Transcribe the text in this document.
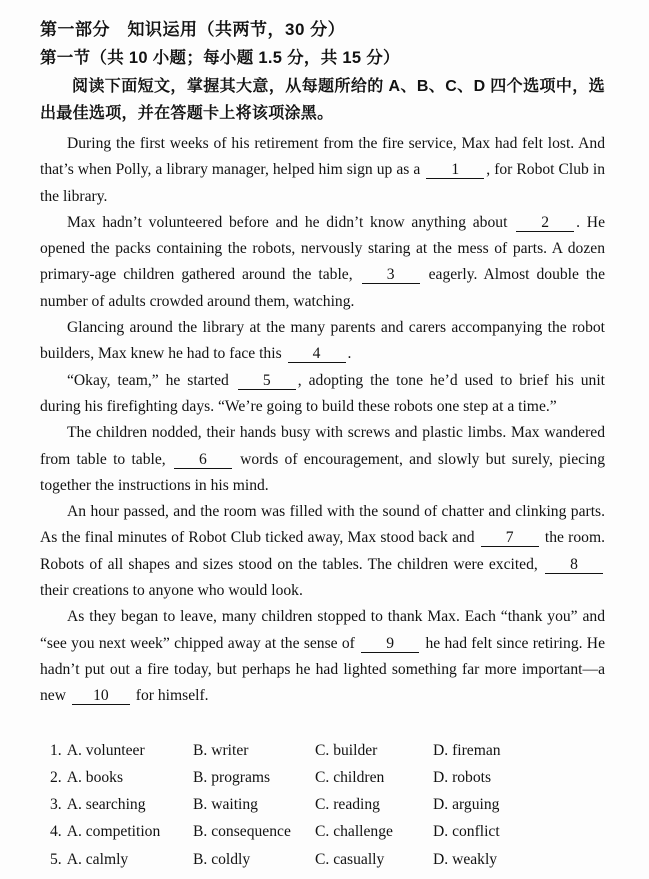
第一部分　知识运用（共两节，30 分）
第一节（共 10 小题；每小题 1.5 分，共 15 分）

阅读下面短文，掌握其大意，从每题所给的 A、B、C、D 四个选项中，选出最佳选项，并在答题卡上将该项涂黑。

During the first weeks of his retirement from the fire service, Max had felt lost. And that’s when Polly, a library manager, helped him sign up as a 1 , for Robot Club in the library.

Max hadn’t volunteered before and he didn’t know anything about 2 . He opened the packs containing the robots, nervously staring at the mess of parts. A dozen primary-age children gathered around the table, 3 eagerly. Almost double the number of adults crowded around them, watching.

Glancing around the library at the many parents and carers accompanying the robot builders, Max knew he had to face this 4 .

“Okay, team,” he started 5 , adopting the tone he’d used to brief his unit during his firefighting days. “We’re going to build these robots one step at a time.”

The children nodded, their hands busy with screws and plastic limbs. Max wandered from table to table, 6 words of encouragement, and slowly but surely, piecing together the instructions in his mind.

An hour passed, and the room was filled with the sound of chatter and clinking parts. As the final minutes of Robot Club ticked away, Max stood back and 7 the room. Robots of all shapes and sizes stood on the tables. The children were excited, 8 their creations to anyone who would look.

As they began to leave, many children stopped to thank Max. Each “thank you” and “see you next week” chipped away at the sense of 9 he had felt since retiring. He hadn’t put out a fire today, but perhaps he had lighted something far more important—a new 10 for himself.

1. A. volunteer	B. writer	C. builder	D. fireman
2. A. books	B. programs	C. children	D. robots
3. A. searching	B. waiting	C. reading	D. arguing
4. A. competition	B. consequence	C. challenge	D. conflict
5. A. calmly	B. coldly	C. casually	D. weakly
